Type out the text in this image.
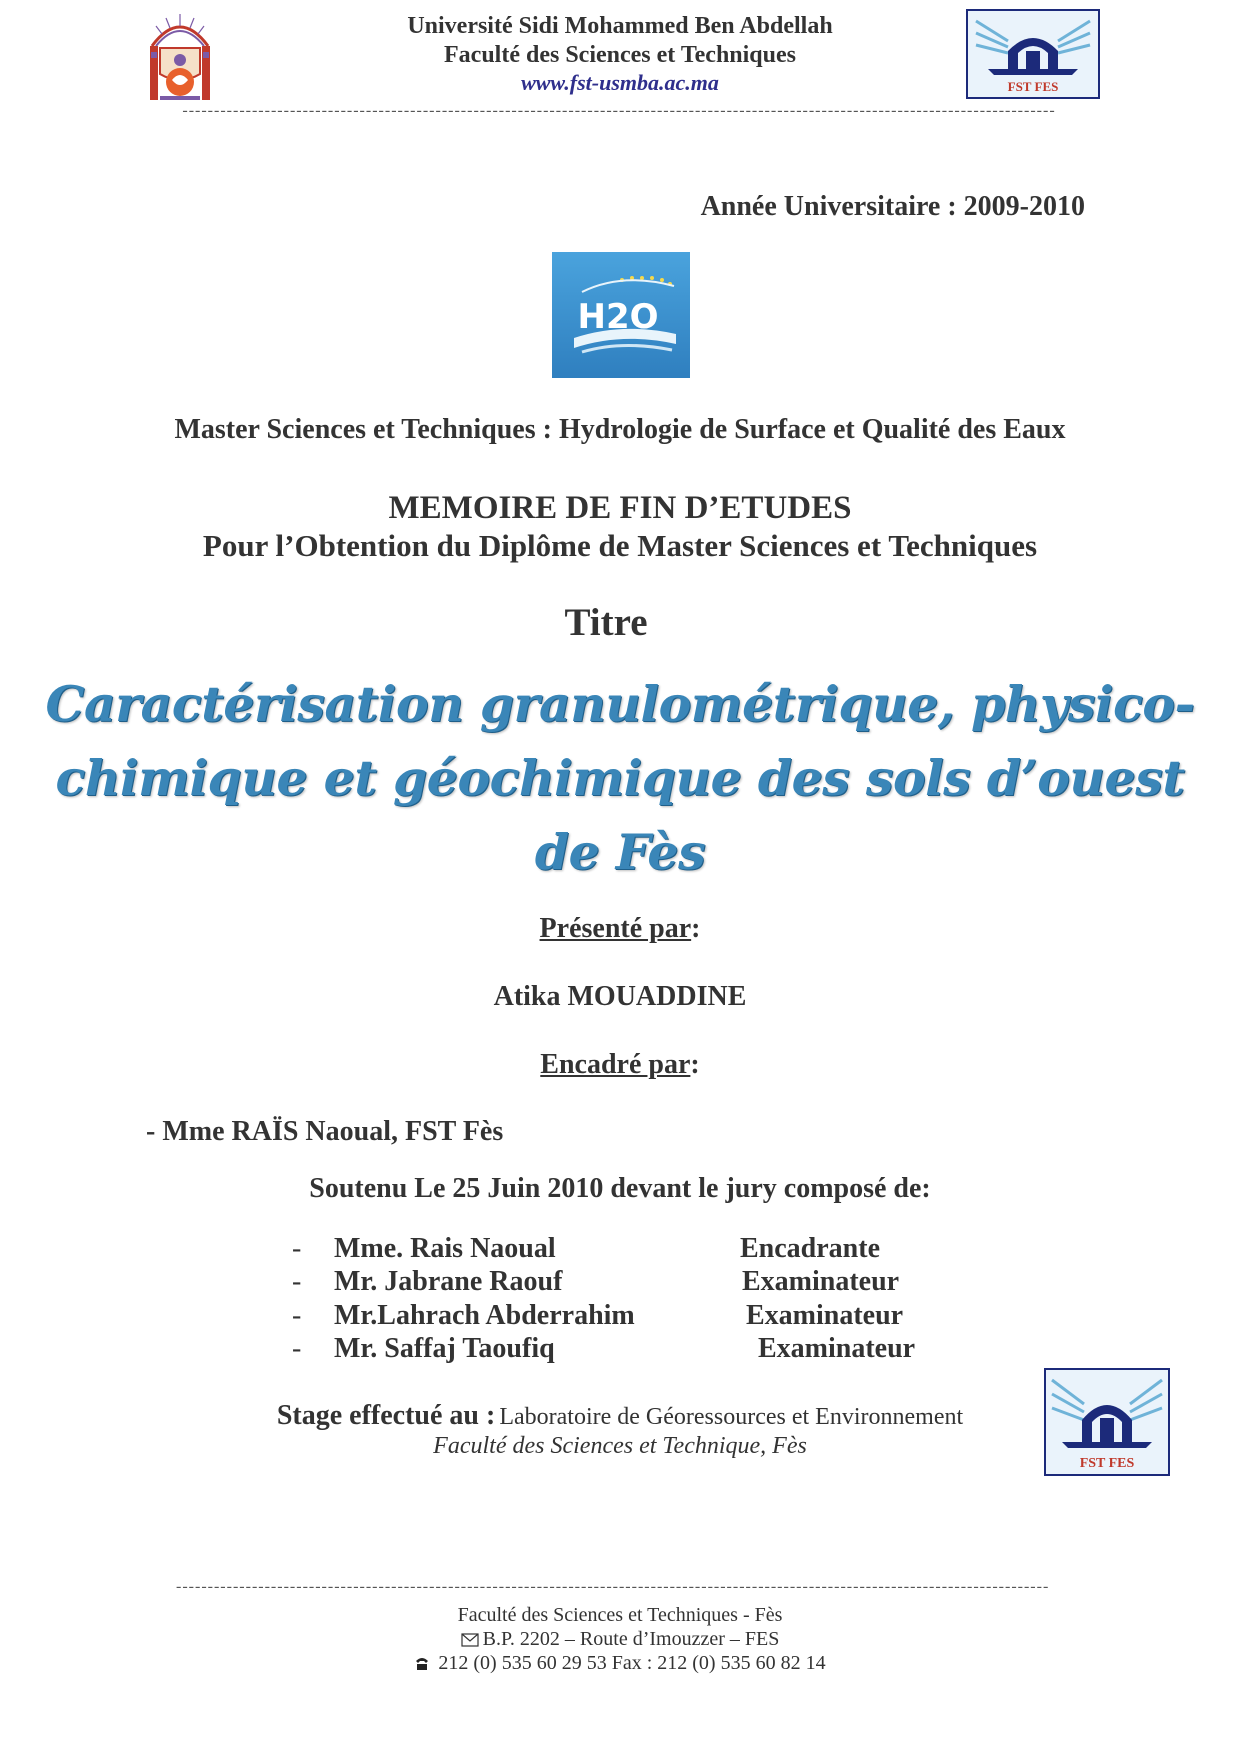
Université Sidi Mohammed Ben Abdellah
Faculté des Sciences et Techniques
www.fst-usmba.ac.ma	FST FES
------------------------------------------------------------------------------------------------------------------------------------------
Année Universitaire : 2009-2010
H2O
Master Sciences et Techniques : Hydrologie de Surface et Qualité des Eaux
MEMOIRE DE FIN D’ETUDES
Pour l’Obtention du Diplôme de Master Sciences et Techniques
Titre
Caractérisation granulométrique, physico-
chimique et géochimique des sols d’ouest
de Fès
Présenté par:
Atika MOUADDINE
Encadré par:
- Mme RAÏS Naoual, FST Fès
Soutenu Le 25 Juin 2010 devant le jury composé de:
- Mme. Rais Naoual	Encadrante
- Mr. Jabrane Raouf	Examinateur
- Mr.Lahrach Abderrahim	Examinateur
- Mr. Saffaj Taoufiq	Examinateur
Stage effectué au : Laboratoire de Géoressources et Environnement
Faculté des Sciences et Technique, Fès
FST FES
------------------------------------------------------------------------------------------------------------------------------------------
Faculté des Sciences et Techniques - Fès
B.P. 2202 – Route d’Imouzzer – FES
212 (0) 535 60 29 53 Fax : 212 (0) 535 60 82 14
